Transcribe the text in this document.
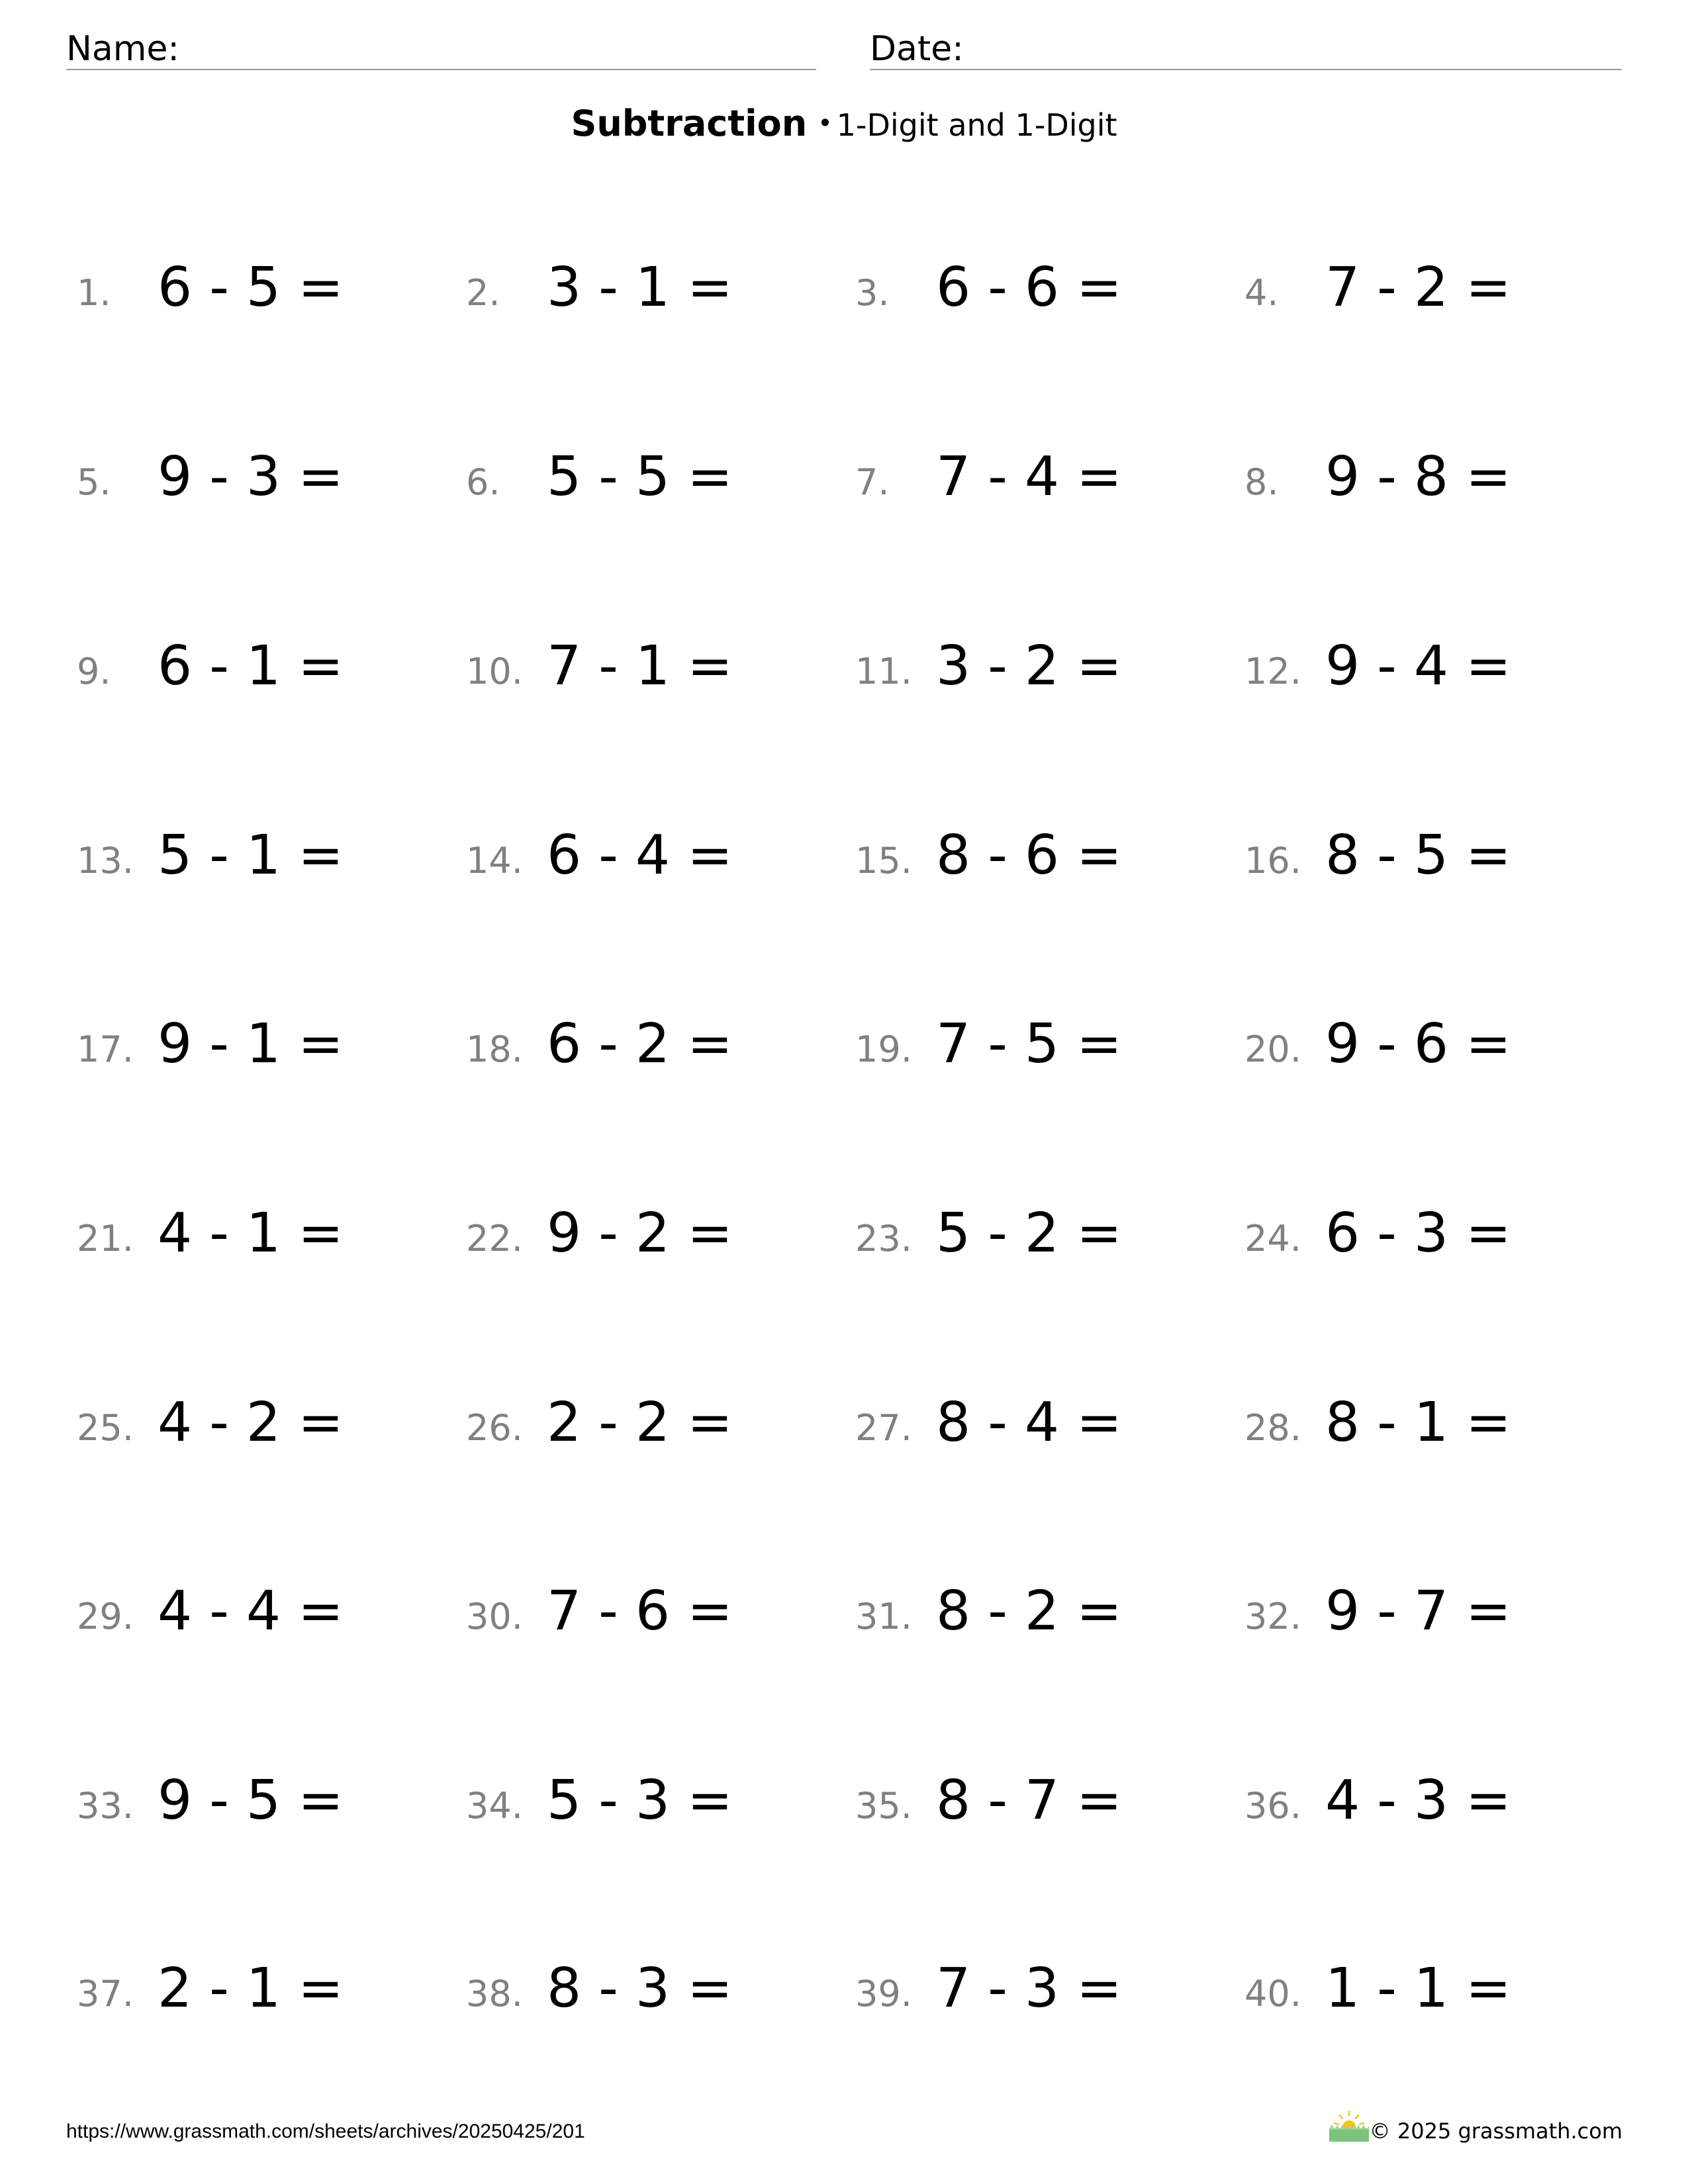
Name:	Date:
Subtraction • 1-Digit and 1-Digit
1. 6 - 5 =	2. 3 - 1 =	3. 6 - 6 =	4. 7 - 2 =
5. 9 - 3 =	6. 5 - 5 =	7. 7 - 4 =	8. 9 - 8 =
9. 6 - 1 =	10. 7 - 1 =	11. 3 - 2 =	12. 9 - 4 =
13. 5 - 1 =	14. 6 - 4 =	15. 8 - 6 =	16. 8 - 5 =
17. 9 - 1 =	18. 6 - 2 =	19. 7 - 5 =	20. 9 - 6 =
21. 4 - 1 =	22. 9 - 2 =	23. 5 - 2 =	24. 6 - 3 =
25. 4 - 2 =	26. 2 - 2 =	27. 8 - 4 =	28. 8 - 1 =
29. 4 - 4 =	30. 7 - 6 =	31. 8 - 2 =	32. 9 - 7 =
33. 9 - 5 =	34. 5 - 3 =	35. 8 - 7 =	36. 4 - 3 =
37. 2 - 1 =	38. 8 - 3 =	39. 7 - 3 =	40. 1 - 1 =
https://www.grassmath.com/sheets/archives/20250425/201	© 2025 grassmath.com
